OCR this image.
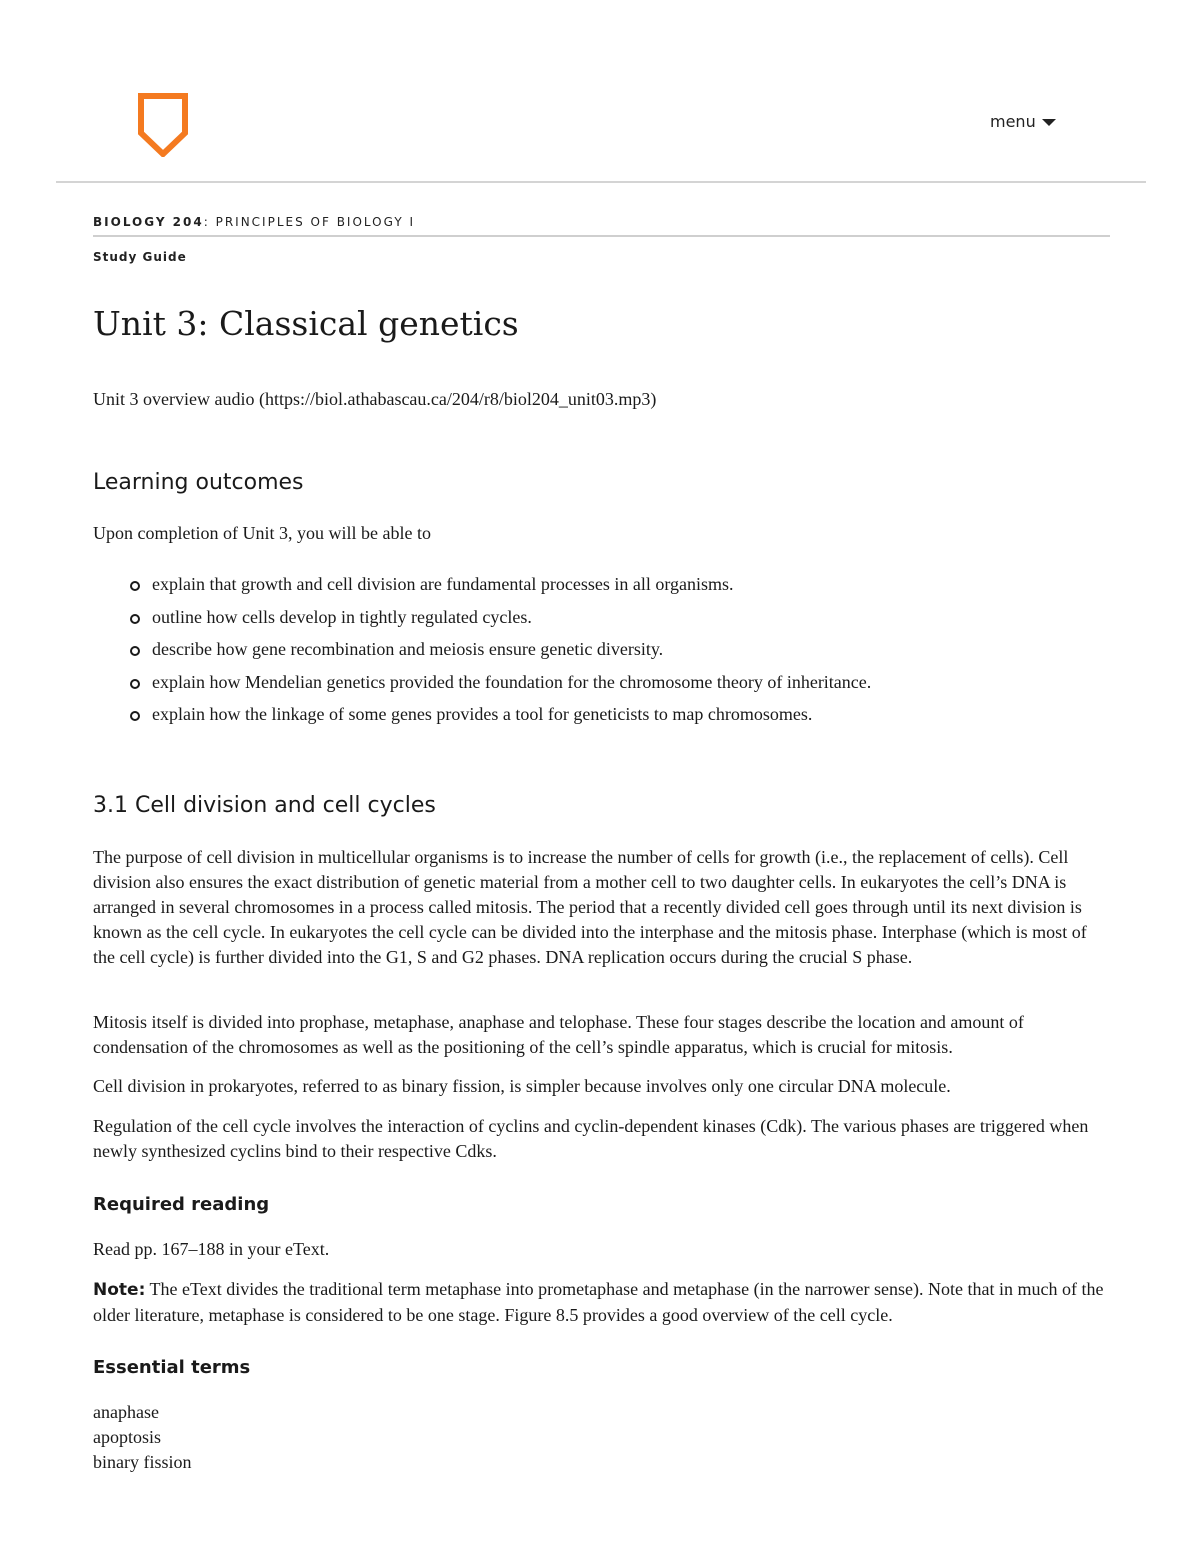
menu
BIOLOGY 204: PRINCIPLES OF BIOLOGY I
Study Guide
Unit 3: Classical genetics
Unit 3 overview audio (https://biol.athabascau.ca/204/r8/biol204_unit03.mp3)
Learning outcomes

Upon completion of Unit 3, you will be able to

explain that growth and cell division are fundamental processes in all organisms.
outline how cells develop in tightly regulated cycles.
describe how gene recombination and meiosis ensure genetic diversity.
explain how Mendelian genetics provided the foundation for the chromosome theory of inheritance.
explain how the linkage of some genes provides a tool for geneticists to map chromosomes.
3.1 Cell division and cell cycles

The purpose of cell division in multicellular organisms is to increase the number of cells for growth (i.e., the replacement of cells). Cell division also ensures the exact distribution of genetic material from a mother cell to two daughter cells. In eukaryotes the cell’s DNA is arranged in several chromosomes in a process called mitosis. The period that a recently divided cell goes through until its next division is known as the cell cycle. In eukaryotes the cell cycle can be divided into the interphase and the mitosis phase. Interphase (which is most of the cell cycle) is further divided into the G1, S and G2 phases. DNA replication occurs during the crucial S phase.

Mitosis itself is divided into prophase, metaphase, anaphase and telophase. These four stages describe the location and amount of condensation of the chromosomes as well as the positioning of the cell’s spindle apparatus, which is crucial for mitosis.

Cell division in prokaryotes, referred to as binary fission, is simpler because involves only one circular DNA molecule.

Regulation of the cell cycle involves the interaction of cyclins and cyclin-dependent kinases (Cdk). The various phases are triggered when newly synthesized cyclins bind to their respective Cdks.

Required reading

Read pp. 167–188 in your eText.

Note: The eText divides the traditional term metaphase into prometaphase and metaphase (in the narrower sense). Note that in much of the older literature, metaphase is considered to be one stage. Figure 8.5 provides a good overview of the cell cycle.

Essential terms
anaphase
apoptosis
binary fission
